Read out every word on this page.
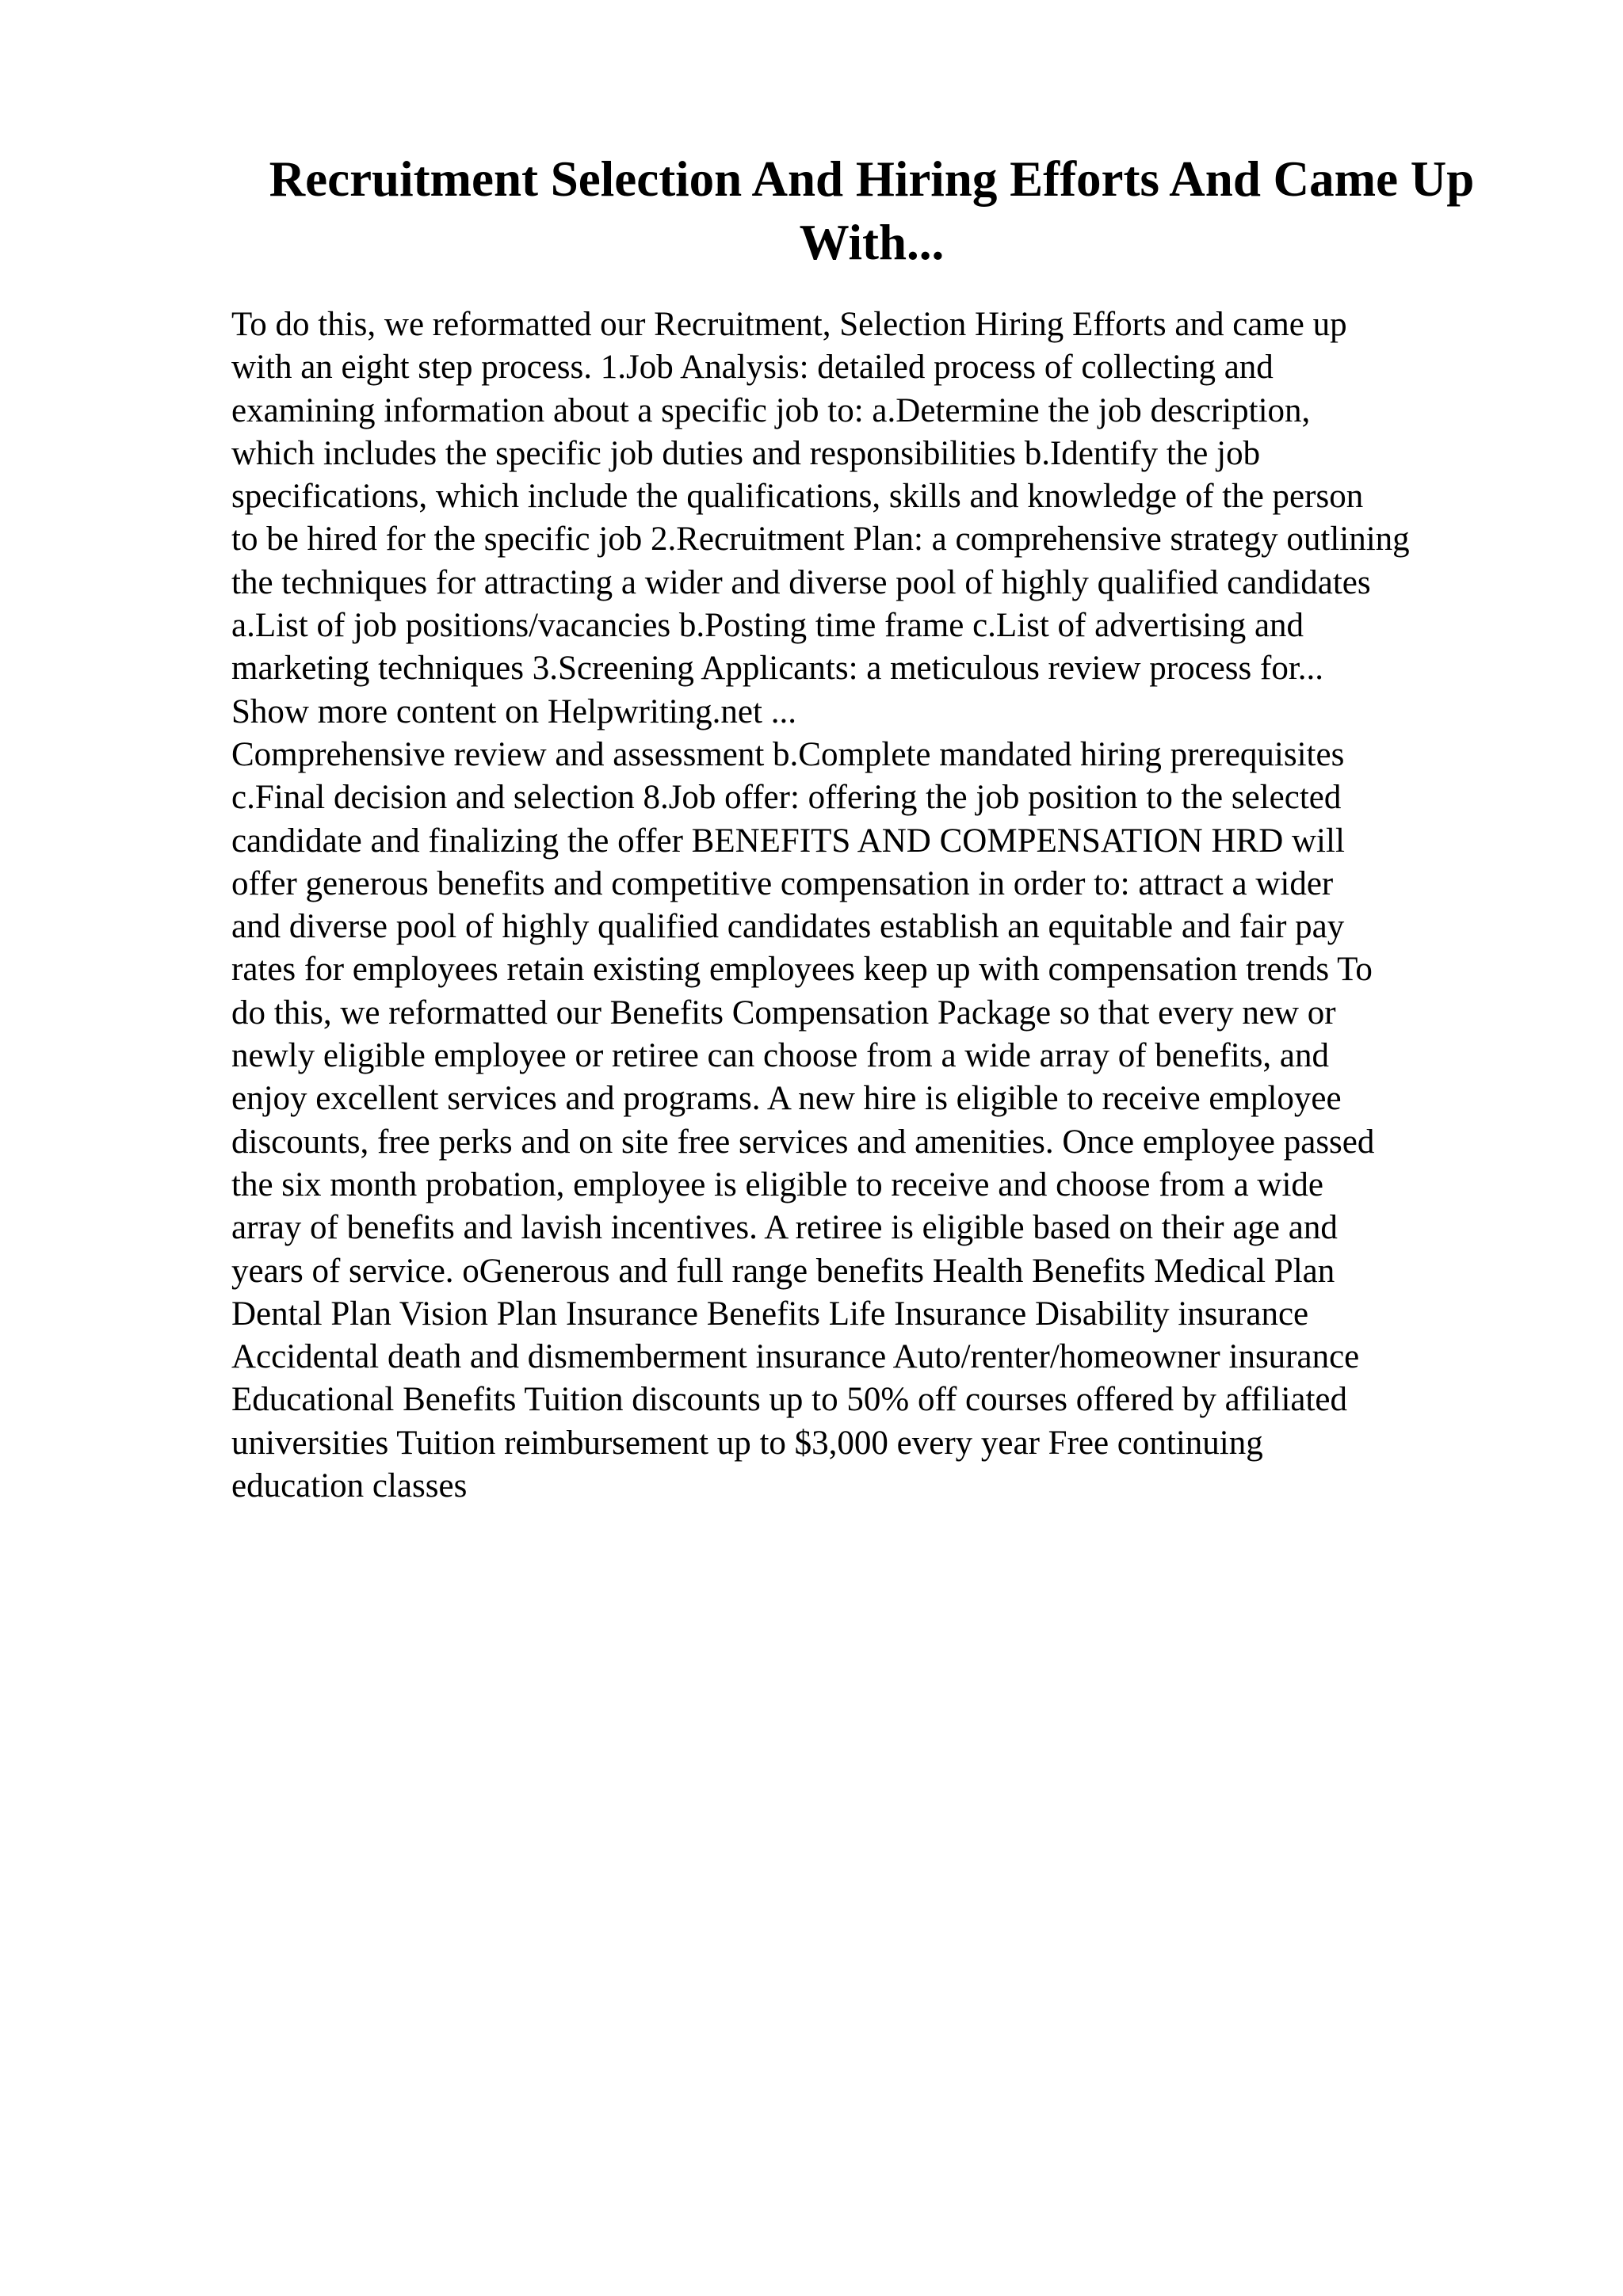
Recruitment Selection And Hiring Efforts And Came Up
With...
To do this, we reformatted our Recruitment, Selection Hiring Efforts and came up
with an eight step process. 1.Job Analysis: detailed process of collecting and
examining information about a specific job to: a.Determine the job description,
which includes the specific job duties and responsibilities b.Identify the job
specifications, which include the qualifications, skills and knowledge of the person
to be hired for the specific job 2.Recruitment Plan: a comprehensive strategy outlining
the techniques for attracting a wider and diverse pool of highly qualified candidates
a.List of job positions/vacancies b.Posting time frame c.List of advertising and
marketing techniques 3.Screening Applicants: a meticulous review process for...
Show more content on Helpwriting.net ...
Comprehensive review and assessment b.Complete mandated hiring prerequisites
c.Final decision and selection 8.Job offer: offering the job position to the selected
candidate and finalizing the offer BENEFITS AND COMPENSATION HRD will
offer generous benefits and competitive compensation in order to: attract a wider
and diverse pool of highly qualified candidates establish an equitable and fair pay
rates for employees retain existing employees keep up with compensation trends To
do this, we reformatted our Benefits Compensation Package so that every new or
newly eligible employee or retiree can choose from a wide array of benefits, and
enjoy excellent services and programs. A new hire is eligible to receive employee
discounts, free perks and on site free services and amenities. Once employee passed
the six month probation, employee is eligible to receive and choose from a wide
array of benefits and lavish incentives. A retiree is eligible based on their age and
years of service. oGenerous and full range benefits Health Benefits Medical Plan
Dental Plan Vision Plan Insurance Benefits Life Insurance Disability insurance
Accidental death and dismemberment insurance Auto/renter/homeowner insurance
Educational Benefits Tuition discounts up to 50% off courses offered by affiliated
universities Tuition reimbursement up to $3,000 every year Free continuing
education classes
